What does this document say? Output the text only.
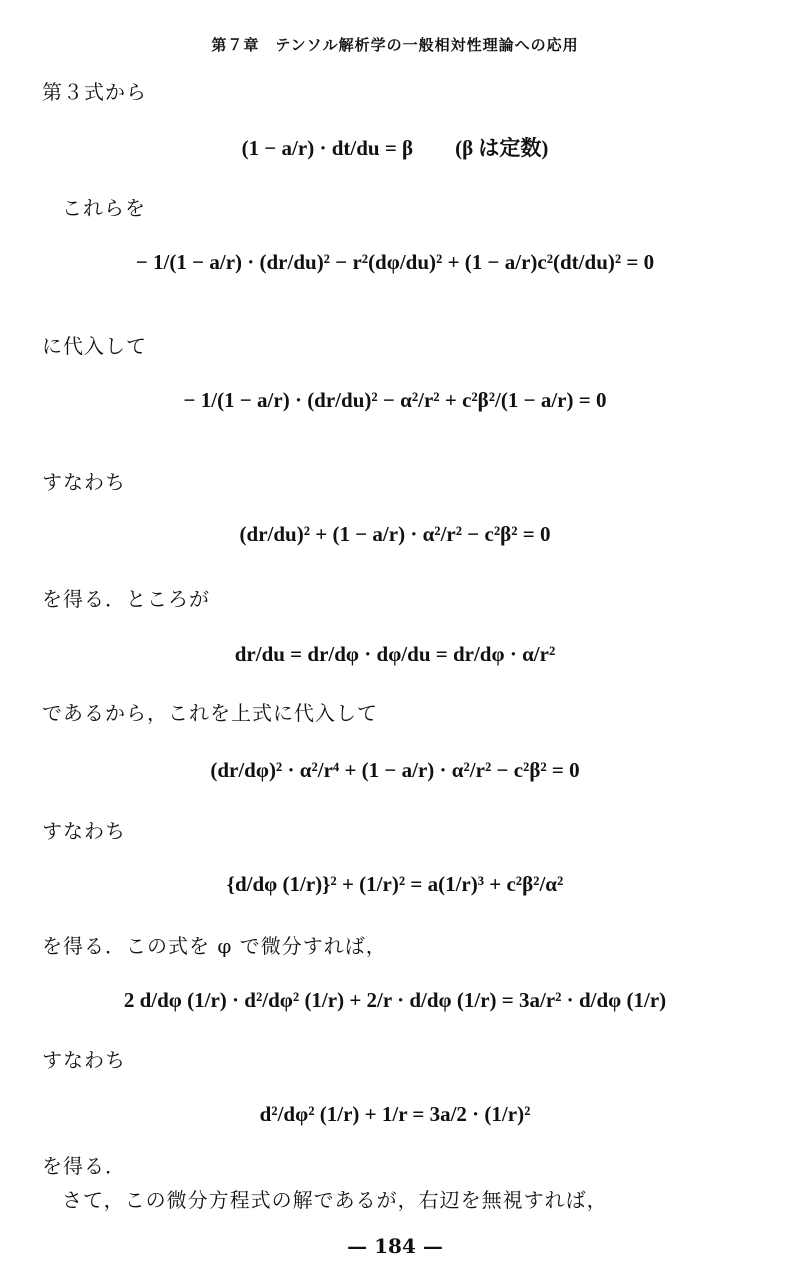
第７章　テンソル解析学の一般相対性理論への応用
第３式から
(1 − a/r) · dt/du = β　　(β は定数)
これらを
− 1/(1 − a/r) · (dr/du)² − r²(dφ/du)² + (1 − a/r)c²(dt/du)² = 0
に代入して
− 1/(1 − a/r) · (dr/du)² − α²/r² + c²β²/(1 − a/r) = 0
すなわち
(dr/du)² + (1 − a/r) · α²/r² − c²β² = 0
を得る．ところが
dr/du = dr/dφ · dφ/du = dr/dφ · α/r²
であるから，これを上式に代入して
(dr/dφ)² · α²/r⁴ + (1 − a/r) · α²/r² − c²β² = 0
すなわち
{d/dφ (1/r)}² + (1/r)² = a(1/r)³ + c²β²/α²
を得る．この式を φ で微分すれば，
2 d/dφ (1/r) · d²/dφ² (1/r) + 2/r · d/dφ (1/r) = 3a/r² · d/dφ (1/r)
すなわち
d²/dφ² (1/r) + 1/r = 3a/2 · (1/r)²
を得る．
さて，この微分方程式の解であるが，右辺を無視すれば，
— 184 —
